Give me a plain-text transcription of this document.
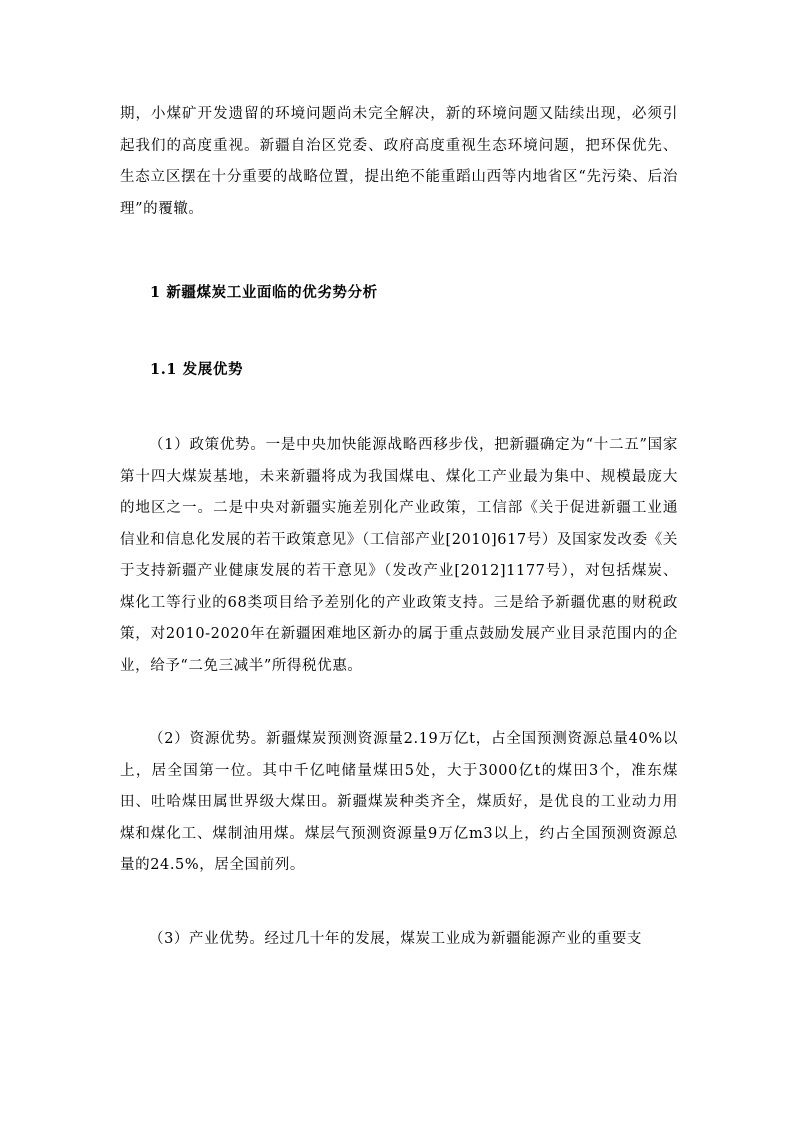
期，小煤矿开发遗留的环境问题尚未完全解决，新的环境问题又陆续出现，必须引起我们的高度重视。新疆自治区党委、政府高度重视生态环境问题，把环保优先、生态立区摆在十分重要的战略位置，提出绝不能重蹈山西等内地省区“先污染、后治理”的覆辙。

1 新疆煤炭工业面临的优劣势分析

1.1 发展优势

（1）政策优势。一是中央加快能源战略西移步伐，把新疆确定为“十二五”国家第十四大煤炭基地，未来新疆将成为我国煤电、煤化工产业最为集中、规模最庞大的地区之一。二是中央对新疆实施差别化产业政策，工信部《关于促进新疆工业通信业和信息化发展的若干政策意见》（工信部产业[2010]617号）及国家发改委《关于支持新疆产业健康发展的若干意见》（发改产业[2012]1177号），对包括煤炭、煤化工等行业的68类项目给予差别化的产业政策支持。三是给予新疆优惠的财税政策，对2010-2020年在新疆困难地区新办的属于重点鼓励发展产业目录范围内的企业，给予“二免三减半”所得税优惠。

（2）资源优势。新疆煤炭预测资源量2.19万亿t，占全国预测资源总量40%以上，居全国第一位。其中千亿吨储量煤田5处，大于3000亿t的煤田3个，准东煤田、吐哈煤田属世界级大煤田。新疆煤炭种类齐全，煤质好，是优良的工业动力用煤和煤化工、煤制油用煤。煤层气预测资源量9万亿m3以上，约占全国预测资源总量的24.5%，居全国前列。

（3）产业优势。经过几十年的发展，煤炭工业成为新疆能源产业的重要支
